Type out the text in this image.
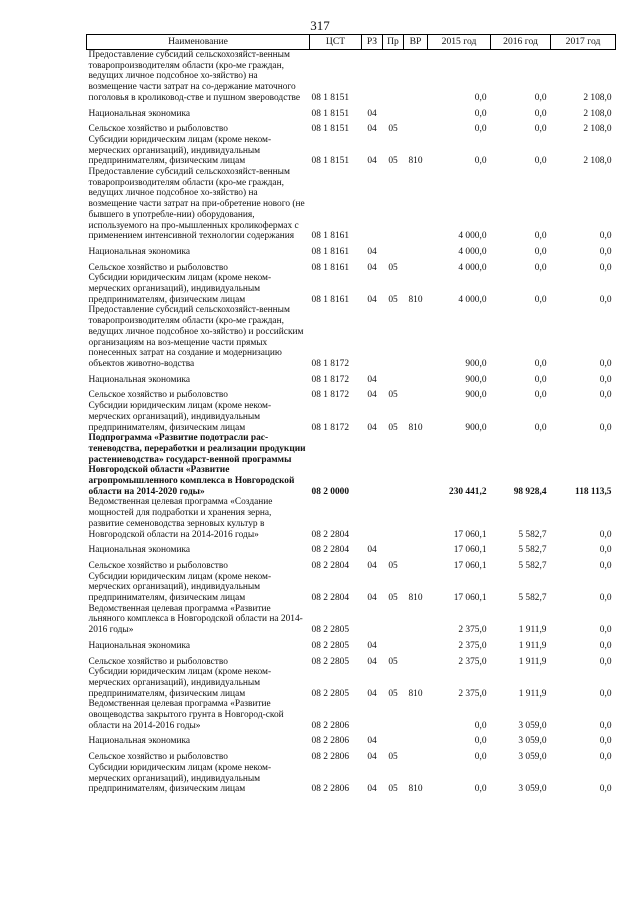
317
Наименование	ЦСТ	РЗ	Пр	ВР	2015 год	2016 год	2017 год
Предоставление субсидий сельскохозяйст-венным товаропроизводителям области (кро-ме граждан, ведущих личное подсобное хо-зяйство) на возмещение части затрат на со-держание маточного поголовья в кроликовод-стве и пушном звероводстве	08 1 8151				0,0	0,0	2 108,0
Национальная экономика	08 1 8151	04			0,0	0,0	2 108,0
Сельское хозяйство и рыболовство	08 1 8151	04	05		0,0	0,0	2 108,0
Субсидии юридическим лицам (кроме неком-мерческих организаций), индивидуальным предпринимателям, физическим лицам	08 1 8151	04	05	810	0,0	0,0	2 108,0
Предоставление субсидий сельскохозяйст-венным товаропроизводителям области (кро-ме граждан, ведущих личное подсобное хо-зяйство) на возмещение части затрат на при-обретение нового (не бывшего в употребле-нии) оборудования, используемого на про-мышленных кроликофермах с применением интенсивной технологии содержания	08 1 8161				4 000,0	0,0	0,0
Национальная экономика	08 1 8161	04			4 000,0	0,0	0,0
Сельское хозяйство и рыболовство	08 1 8161	04	05		4 000,0	0,0	0,0
Субсидии юридическим лицам (кроме неком-мерческих организаций), индивидуальным предпринимателям, физическим лицам	08 1 8161	04	05	810	4 000,0	0,0	0,0
Предоставление субсидий сельскохозяйст-венным товаропроизводителям области (кро-ме граждан, ведущих личное подсобное хо-зяйство) и российским организациям на воз-мещение части прямых понесенных затрат на создание и модернизацию объектов животно-водства	08 1 8172				900,0	0,0	0,0
Национальная экономика	08 1 8172	04			900,0	0,0	0,0
Сельское хозяйство и рыболовство	08 1 8172	04	05		900,0	0,0	0,0
Субсидии юридическим лицам (кроме неком-мерческих организаций), индивидуальным предпринимателям, физическим лицам	08 1 8172	04	05	810	900,0	0,0	0,0
Подпрограмма «Развитие подотрасли рас-теневодства, переработки и реализации продукции растениеводства» государст-венной программы Новгородской области «Развитие агропромышленного комплекса в Новгородской области на 2014-2020 годы»	08 2 0000				230 441,2	98 928,4	118 113,5
Ведомственная целевая программа «Создание мощностей для подработки и хранения зерна, развитие семеноводства зерновых культур в Новгородской области на 2014-2016 годы»	08 2 2804				17 060,1	5 582,7	0,0
Национальная экономика	08 2 2804	04			17 060,1	5 582,7	0,0
Сельское хозяйство и рыболовство	08 2 2804	04	05		17 060,1	5 582,7	0,0
Субсидии юридическим лицам (кроме неком-мерческих организаций), индивидуальным предпринимателям, физическим лицам	08 2 2804	04	05	810	17 060,1	5 582,7	0,0
Ведомственная целевая программа «Развитие льняного комплекса в Новгородской области на 2014-2016 годы»	08 2 2805				2 375,0	1 911,9	0,0
Национальная экономика	08 2 2805	04			2 375,0	1 911,9	0,0
Сельское хозяйство и рыболовство	08 2 2805	04	05		2 375,0	1 911,9	0,0
Субсидии юридическим лицам (кроме неком-мерческих организаций), индивидуальным предпринимателям, физическим лицам	08 2 2805	04	05	810	2 375,0	1 911,9	0,0
Ведомственная целевая программа «Развитие овощеводства закрытого грунта в Новгород-ской области на 2014-2016 годы»	08 2 2806				0,0	3 059,0	0,0
Национальная экономика	08 2 2806	04			0,0	3 059,0	0,0
Сельское хозяйство и рыболовство	08 2 2806	04	05		0,0	3 059,0	0,0
Субсидии юридическим лицам (кроме неком-мерческих организаций), индивидуальным предпринимателям, физическим лицам	08 2 2806	04	05	810	0,0	3 059,0	0,0
